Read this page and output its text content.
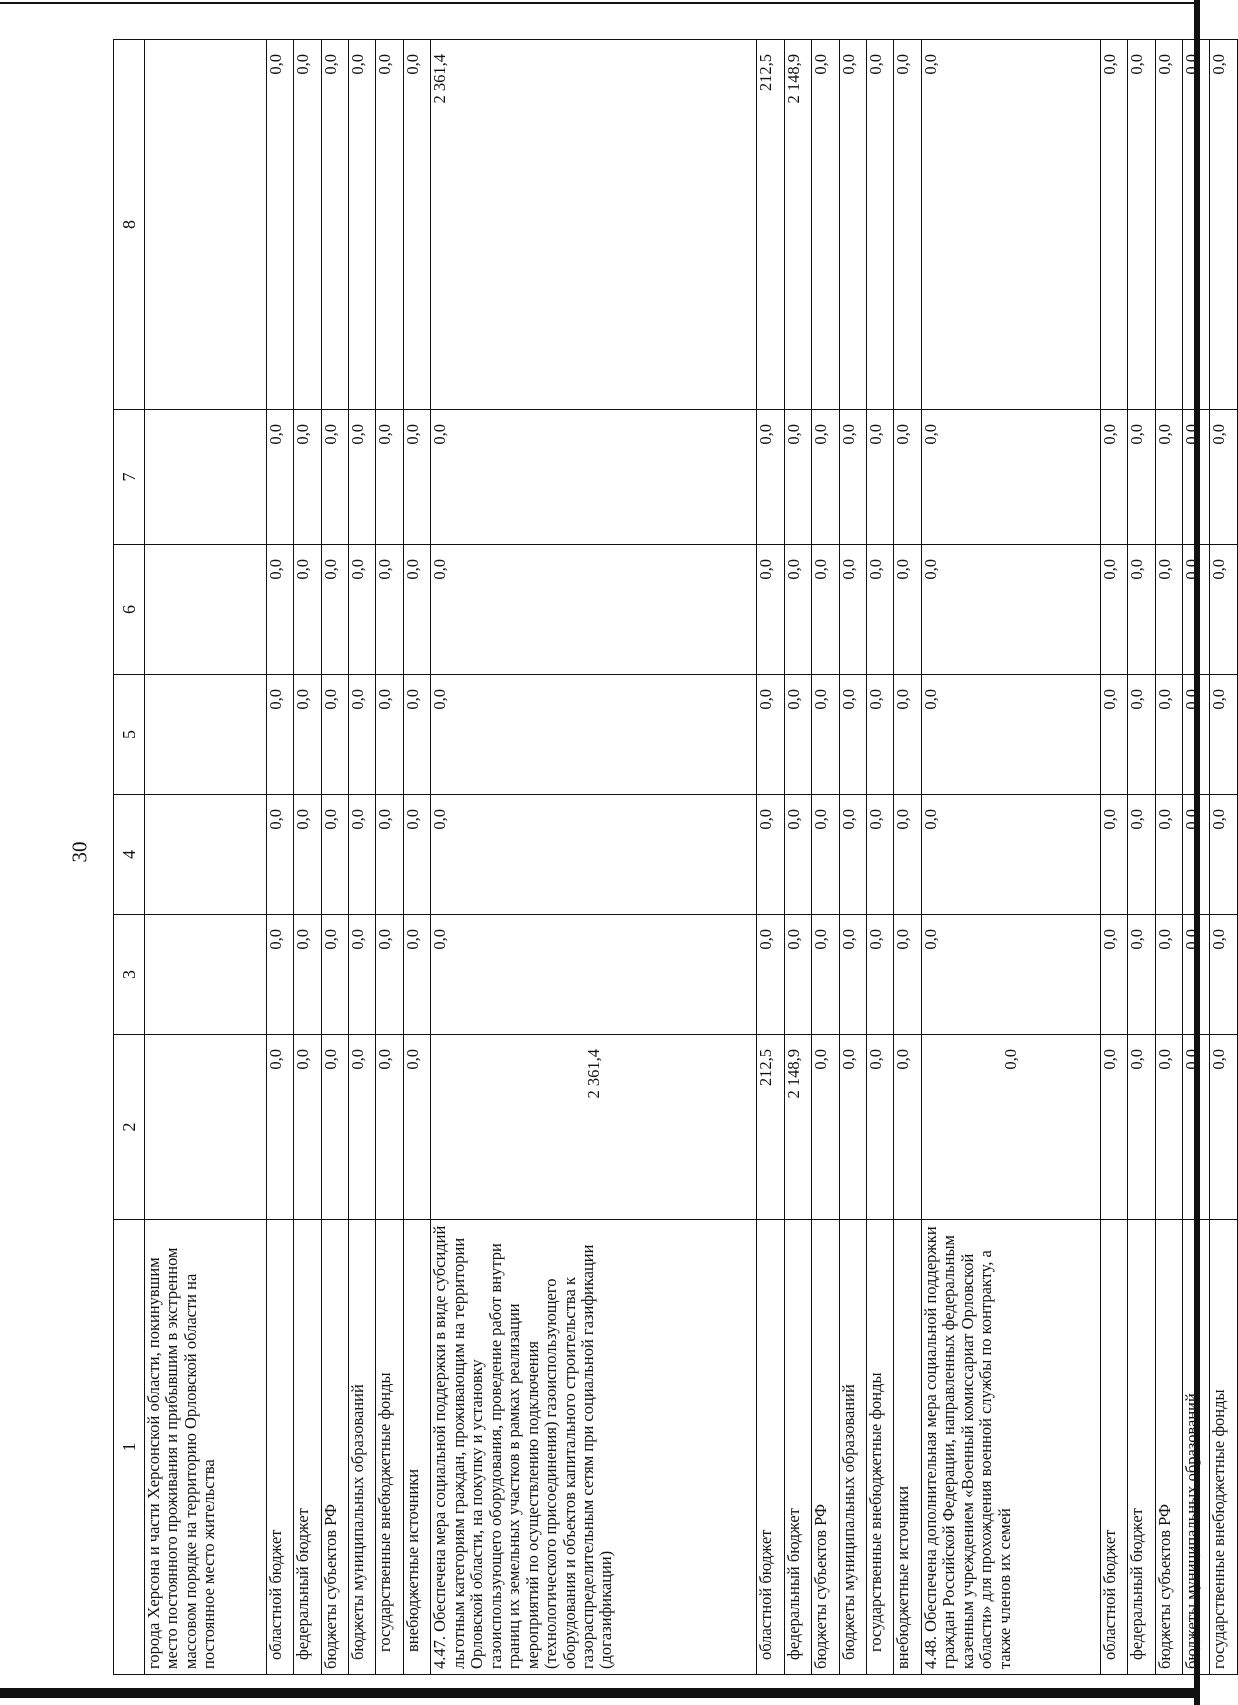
30
1	2	3	4	5	6	7	8
города Херсона и части Херсонской области, покинувшим место постоянного проживания и прибывшим в экстренном массовом порядке на территорию Орловской области на постоянное место жительства							
областной бюджет	0,0	0,0	0,0	0,0	0,0	0,0	0,0
федеральный бюджет	0,0	0,0	0,0	0,0	0,0	0,0	0,0
бюджеты субъектов РФ	0,0	0,0	0,0	0,0	0,0	0,0	0,0
бюджеты муниципальных образований	0,0	0,0	0,0	0,0	0,0	0,0	0,0
государственные внебюджетные фонды	0,0	0,0	0,0	0,0	0,0	0,0	0,0
внебюджетные источники	0,0	0,0	0,0	0,0	0,0	0,0	0,0
4.47. Обеспечена мера социальной поддержки в виде субсидий льготным категориям граждан, проживающим на территории Орловской области, на покупку и установку газоиспользующего оборудования, проведение работ внутри границ их земельных участков в рамках реализации мероприятий по осуществлению подключения (технологического присоединения) газоиспользующего оборудования и объектов капитального строительства к газораспределительным сетям при социальной газификации (догазификации)	2 361,4	0,0	0,0	0,0	0,0	0,0	2 361,4
областной бюджет	212,5	0,0	0,0	0,0	0,0	0,0	212,5
федеральный бюджет	2 148,9	0,0	0,0	0,0	0,0	0,0	2 148,9
бюджеты субъектов РФ	0,0	0,0	0,0	0,0	0,0	0,0	0,0
бюджеты муниципальных образований	0,0	0,0	0,0	0,0	0,0	0,0	0,0
государственные внебюджетные фонды	0,0	0,0	0,0	0,0	0,0	0,0	0,0
внебюджетные источники	0,0	0,0	0,0	0,0	0,0	0,0	0,0
4.48. Обеспечена дополнительная мера социальной поддержки граждан Российской Федерации, направленных федеральным казенным учреждением «Военный комиссариат Орловской области» для прохождения военной службы по контракту, а также членов их семей	0,0	0,0	0,0	0,0	0,0	0,0	0,0
областной бюджет	0,0	0,0	0,0	0,0	0,0	0,0	0,0
федеральный бюджет	0,0	0,0	0,0	0,0	0,0	0,0	0,0
бюджеты субъектов РФ	0,0	0,0	0,0	0,0	0,0	0,0	0,0
бюджеты муниципальных образований	0,0	0,0	0,0	0,0	0,0	0,0	0,0
государственные внебюджетные фонды	0,0	0,0	0,0	0,0	0,0	0,0	0,0
